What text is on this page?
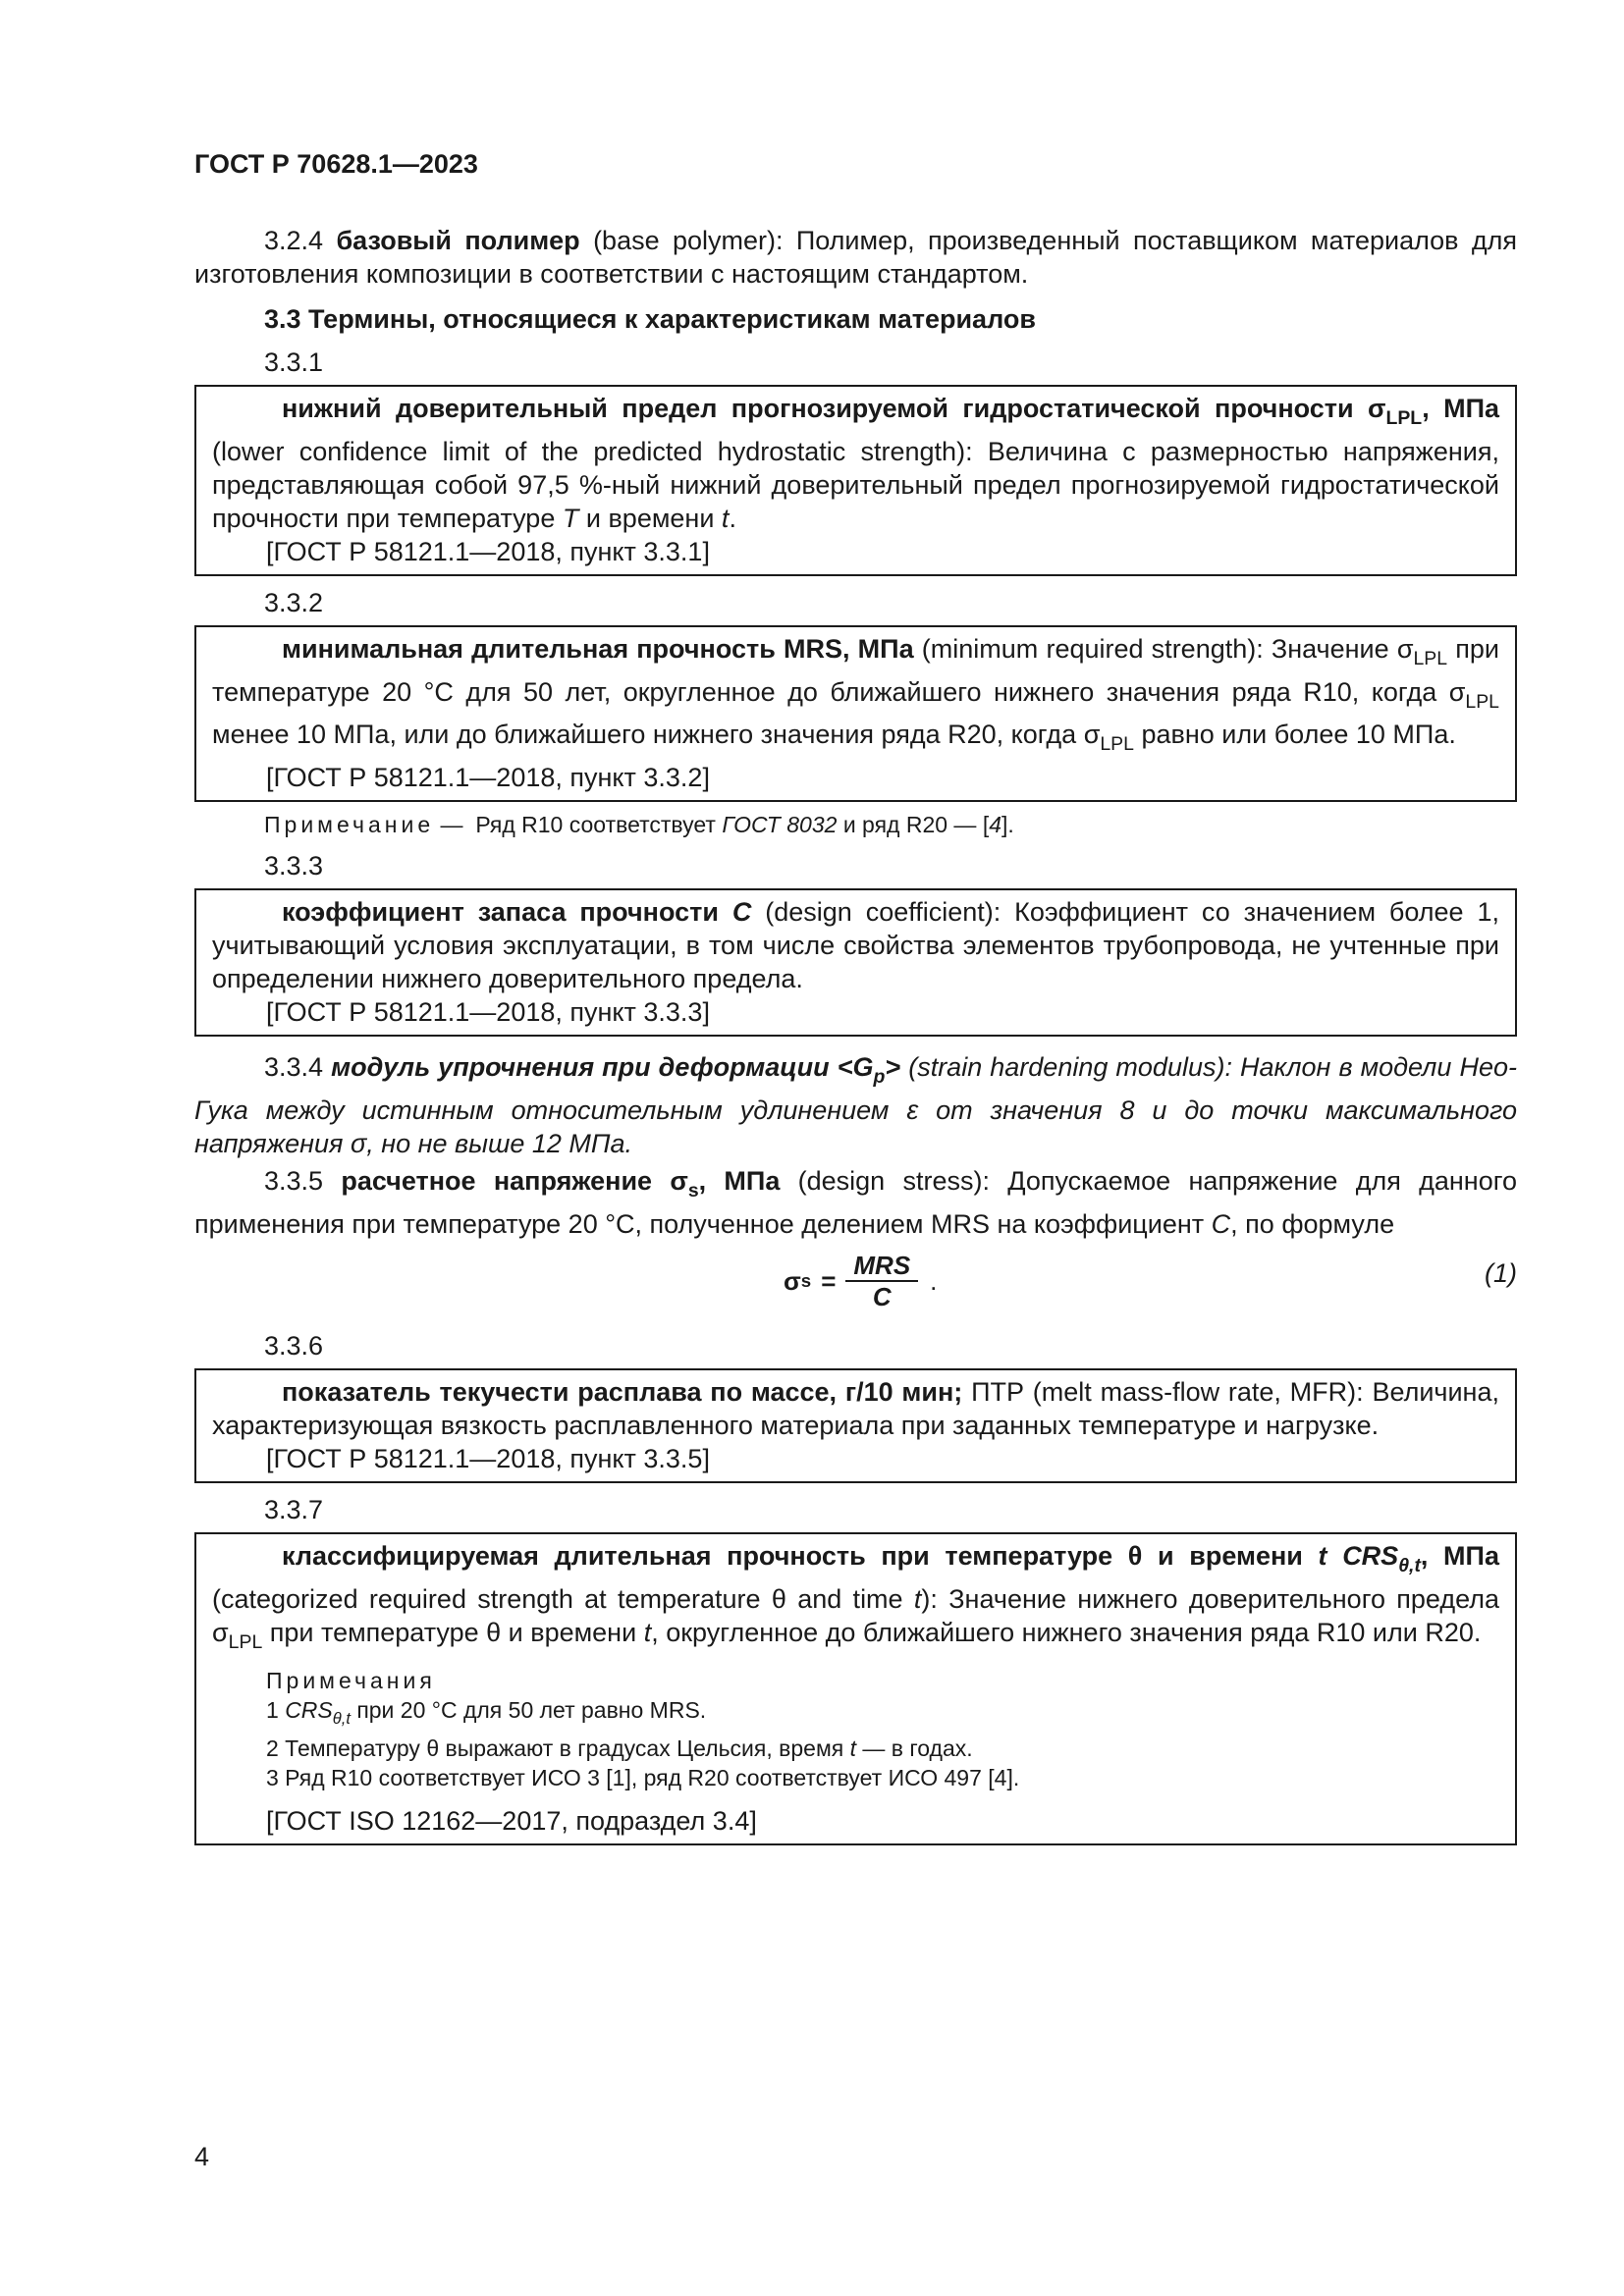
ГОСТ Р 70628.1—2023

3.2.4 базовый полимер (base polymer): Полимер, произведенный поставщиком материалов для изготовления композиции в соответствии с настоящим стандартом.

3.3 Термины, относящиеся к характеристикам материалов

3.3.1

нижний доверительный предел прогнозируемой гидростатической прочности $\sigma_{LPL}$, МПа (lower confidence limit of the predicted hydrostatic strength): Величина с размерностью напряжения, представляющая собой 97,5 %-ный нижний доверительный предел прогнозируемой гидростатической прочности при температуре T и времени t.

[ГОСТ Р 58121.1—2018, пункт 3.3.1]

3.3.2

минимальная длительная прочность MRS, МПа (minimum required strength): Значение $\sigma_{LPL}$ при температуре 20 °С для 50 лет, округленное до ближайшего нижнего значения ряда R10, когда $\sigma_{LPL}$ менее 10 МПа, или до ближайшего нижнего значения ряда R20, когда $\sigma_{LPL}$ равно или более 10 МПа.

[ГОСТ Р 58121.1—2018, пункт 3.3.2]

Примечание — Ряд R10 соответствует ГОСТ 8032 и ряд R20 — [4].

3.3.3

коэффициент запаса прочности С (design coefficient): Коэффициент со значением более 1, учитывающий условия эксплуатации, в том числе свойства элементов трубопровода, не учтенные при определении нижнего доверительного предела.

[ГОСТ Р 58121.1—2018, пункт 3.3.3]

3.3.4 модуль упрочнения при деформации $<G_p>$ (strain hardening modulus): Наклон в модели Нео-Гука между истинным относительным удлинением ε от значения 8 и до точки максимального напряжения σ, но не выше 12 МПа.

3.3.5 расчетное напряжение $\sigma_s$, МПа (design stress): Допускаемое напряжение для данного применения при температуре 20 °С, полученное делением MRS на коэффициент C, по формуле

σ $s = \frac{\text{MRS}}{C}$ .	(1)

3.3.6

показатель текучести расплава по массе, г/10 мин; ПТР (melt mass-flow rate, MFR): Величина, характеризующая вязкость расплавленного материала при заданных температуре и нагрузке.

[ГОСТ Р 58121.1—2018, пункт 3.3.5]

3.3.7

классифицируемая длительная прочность при температуре θ и времени t $CRS_{\theta,t}$, МПа (categorized required strength at temperature θ and time t): Значение нижнего доверительного предела $\sigma_{LPL}$ при температуре θ и времени t, округленное до ближайшего нижнего значения ряда R10 или R20.

Примечания

1 $CRS_{\theta,t}$ при 20 °С для 50 лет равно MRS.

2 Температуру θ выражают в градусах Цельсия, время t — в годах.

3 Ряд R10 соответствует ИСО 3 [1], ряд R20 соответствует ИСО 497 [4].

[ГОСТ ISO 12162—2017, подраздел 3.4]

4
